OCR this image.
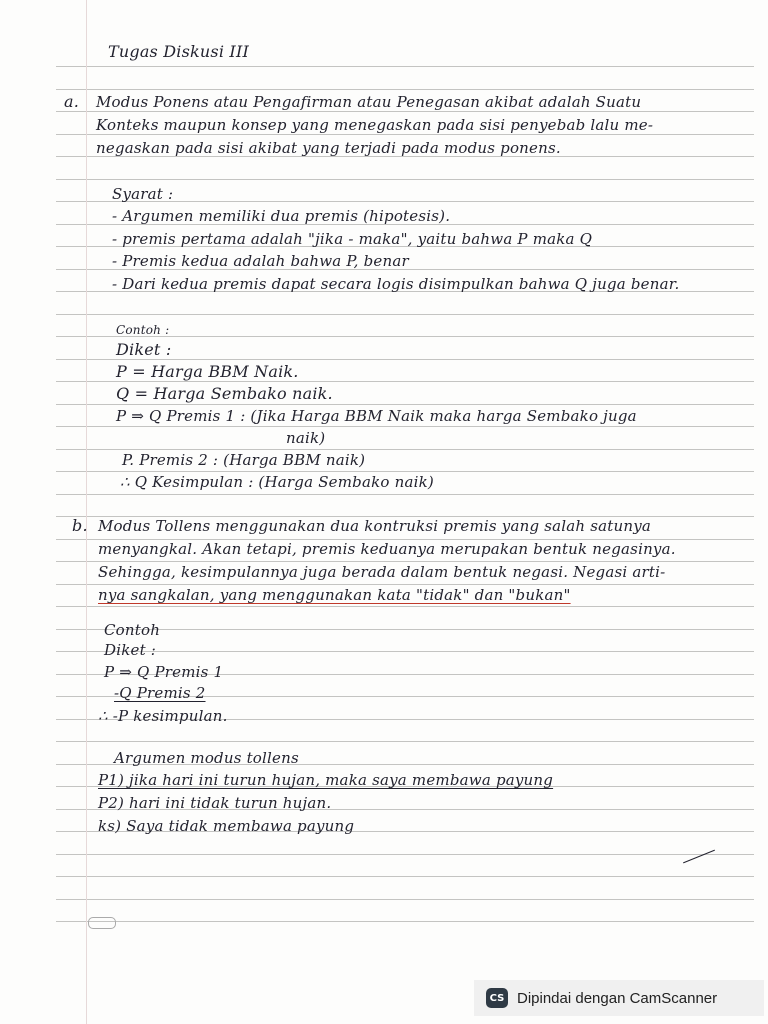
Tugas Diskusi III
a. Modus Ponens atau Pengafirman atau Penegasan akibat adalah Suatu
Konteks maupun konsep yang menegaskan pada sisi penyebab lalu me-
negaskan pada sisi akibat yang terjadi pada modus ponens.
Syarat :
- Argumen memiliki dua premis (hipotesis).
- premis pertama adalah "jika - maka", yaitu bahwa P maka Q
- Premis kedua adalah bahwa P, benar
- Dari kedua premis dapat secara logis disimpulkan bahwa Q juga benar.
Contoh :
Diket :
P = Harga BBM Naik.
Q = Harga Sembako naik.
P ⇒ Q Premis 1 : (Jika Harga BBM Naik maka harga Sembako juga
naik)
P. Premis 2 : (Harga BBM naik)
∴ Q Kesimpulan : (Harga Sembako naik)
b. Modus Tollens menggunakan dua kontruksi premis yang salah satunya
menyangkal. Akan tetapi, premis keduanya merupakan bentuk negasinya.
Sehingga, kesimpulannya juga berada dalam bentuk negasi. Negasi arti-
nya sangkalan, yang menggunakan kata "tidak" dan "bukan"
Contoh
Diket :
P ⇒ Q Premis 1
-Q Premis 2
∴ -P kesimpulan.
Argumen modus tollens
P1) jika hari ini turun hujan, maka saya membawa payung
P2) hari ini tidak turun hujan.
ks) Saya tidak membawa payung
CS Dipindai dengan CamScanner
